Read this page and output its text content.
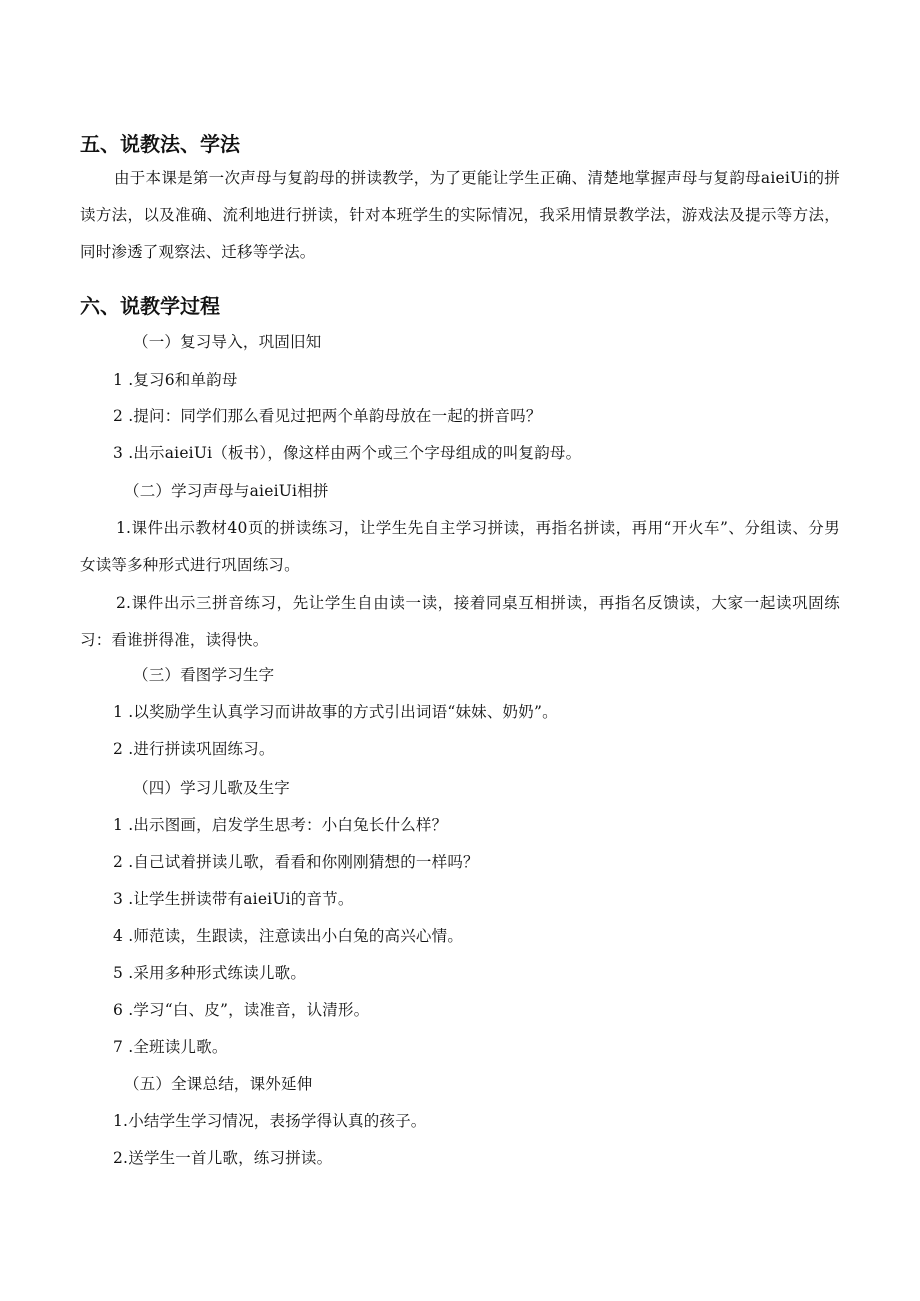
五、说教法、学法
由于本课是第一次声母与复韵母的拼读教学，为了更能让学生正确、清楚地掌握声母与复韵母aieiUi的拼读方法，以及准确、流利地进行拼读，针对本班学生的实际情况，我采用情景教学法，游戏法及提示等方法，同时渗透了观察法、迁移等学法。
六、说教学过程
（一）复习导入，巩固旧知
1 .复习6和单韵母
2 .提问：同学们那么看见过把两个单韵母放在一起的拼音吗？
3 .出示aieiUi（板书），像这样由两个或三个字母组成的叫复韵母。
（二）学习声母与aieiUi相拼
1.课件出示教材40页的拼读练习，让学生先自主学习拼读，再指名拼读，再用“开火车”、分组读、分男女读等多种形式进行巩固练习。
2.课件出示三拼音练习，先让学生自由读一读，接着同桌互相拼读，再指名反馈读，大家一起读巩固练习：看谁拼得准，读得快。
（三）看图学习生字
1 .以奖励学生认真学习而讲故事的方式引出词语“妹妹、奶奶”。
2 .进行拼读巩固练习。
（四）学习儿歌及生字
1 .出示图画，启发学生思考：小白兔长什么样？
2 .自己试着拼读儿歌，看看和你刚刚猜想的一样吗？
3 .让学生拼读带有aieiUi的音节。
4 .师范读，生跟读，注意读出小白兔的高兴心情。
5 .采用多种形式练读儿歌。
6 .学习“白、皮”，读准音，认清形。
7 .全班读儿歌。
（五）全课总结，课外延伸
1.小结学生学习情况，表扬学得认真的孩子。
2.送学生一首儿歌，练习拼读。
